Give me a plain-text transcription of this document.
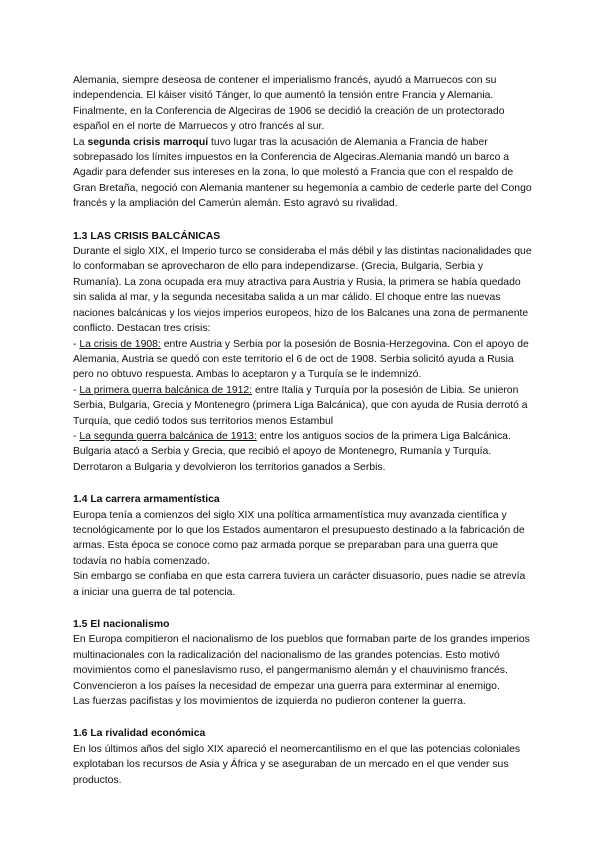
Alemania, siempre deseosa de contener el imperialismo francés, ayudó a Marruecos con su independencia. El káiser visitó Tánger, lo que aumentó la tensión entre Francia y Alemania. Finalmente, en la Conferencia de Algeciras de 1906 se decidió la creación de un protectorado español en el norte de Marruecos y otro francés al sur.

La segunda crisis marroquí tuvo lugar tras la acusación de Alemania a Francia de haber sobrepasado los límites impuestos en la Conferencia de Algeciras.Alemania mandó un barco a Agadir para defender sus intereses en la zona, lo que molestó a Francia que con el respaldo de Gran Bretaña, negoció con Alemania mantener su hegemonía a cambio de cederle parte del Congo francés y la ampliación del Camerún alemán. Esto agravó su rivalidad.

1.3 LAS CRISIS BALCÁNICAS

Durante el siglo XIX, el Imperio turco se consideraba el más débil y las distintas nacionalidades que lo conformaban se aprovecharon de ello para independizarse. (Grecia, Bulgaria, Serbia y Rumanía). La zona ocupada era muy atractiva para Austria y Rusia, la primera se había quedado sin salida al mar, y la segunda necesitaba salida a un mar cálido. El choque entre las nuevas naciones balcánicas y los viejos imperios europeos, hizo de los Balcanes una zona de permanente conflicto. Destacan tres crisis:

- La crisis de 1908: entre Austria y Serbia por la posesión de Bosnia-Herzegovina. Con el apoyo de Alemania, Austria se quedó con este territorio el 6 de oct de 1908. Serbia solicitó ayuda a Rusia pero no obtuvo respuesta. Ambas lo aceptaron y a Turquía se le indemnizó.

- La primera guerra balcánica de 1912: entre Italia y Turquía por la posesión de Libia. Se unieron Serbia, Bulgaria, Grecia y Montenegro (primera Liga Balcánica), que con ayuda de Rusia derrotó a Turquía, que cedió todos sus territorios menos Estambul

- La segunda guerra balcánica de 1913: entre los antiguos socios de la primera Liga Balcánica. Bulgaria atacó a Serbia y Grecia, que recibió el apoyo de Montenegro, Rumanía y Turquía. Derrotaron a Bulgaria y devolvieron los territorios ganados a Serbis.

1.4 La carrera armamentística

Europa tenía a comienzos del siglo XIX una política armamentística muy avanzada científica y tecnológicamente por lo que los Estados aumentaron el presupuesto destinado a la fabricación de armas. Esta época se conoce como paz armada porque se preparaban para una guerra que todavía no había comenzado.

Sin embargo se confiaba en que esta carrera tuviera un carácter disuasorio, pues nadie se atrevía a iniciar una guerra de tal potencia.

1.5 El nacionalismo

En Europa compitieron el nacionalismo de los pueblos que formaban parte de los grandes imperios multinacionales con la radicalización del nacionalismo de las grandes potencias. Esto motivó movimientos como el paneslavismo ruso, el pangermanismo alemán y el chauvinismo francés. Convencieron a los países la necesidad de empezar una guerra para exterminar al enemigo.

Las fuerzas pacifistas y los movimientos de izquierda no pudieron contener la guerra.

1.6 La rivalidad económica

En los últimos años del siglo XIX apareció el neomercantilismo en el que las potencias coloniales explotaban los recursos de Asia y África y se aseguraban de un mercado en el que vender sus productos.
